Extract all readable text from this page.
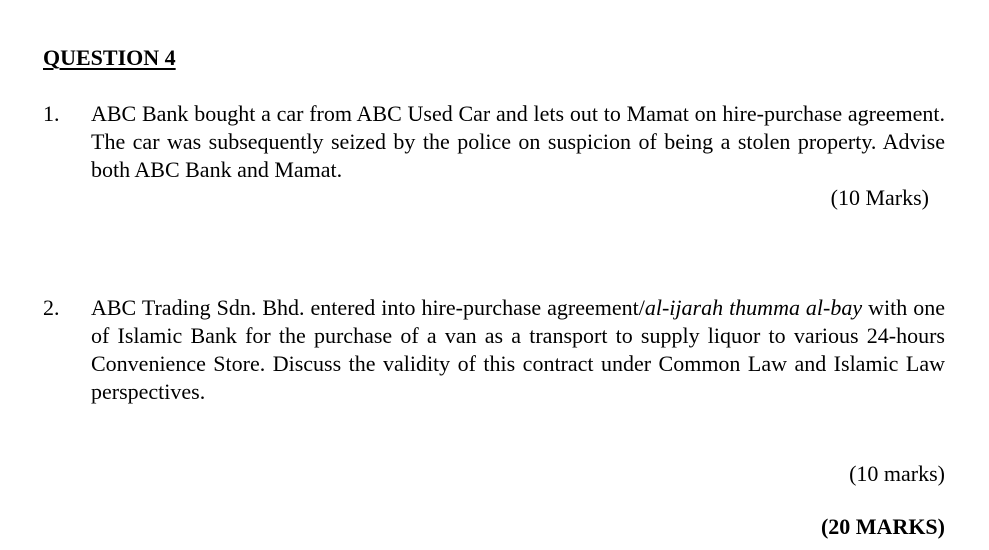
QUESTION 4
1. ABC Bank bought a car from ABC Used Car and lets out to Mamat on hire-purchase agreement. The car was subsequently seized by the police on suspicion of being a stolen property. Advise both ABC Bank and Mamat.

(10 Marks)
2. ABC Trading Sdn. Bhd. entered into hire-purchase agreement/al-ijarah thumma al-bay with one of Islamic Bank for the purchase of a van as a transport to supply liquor to various 24-hours Convenience Store. Discuss the validity of this contract under Common Law and Islamic Law perspectives.

(10 marks)
(20 MARKS)
